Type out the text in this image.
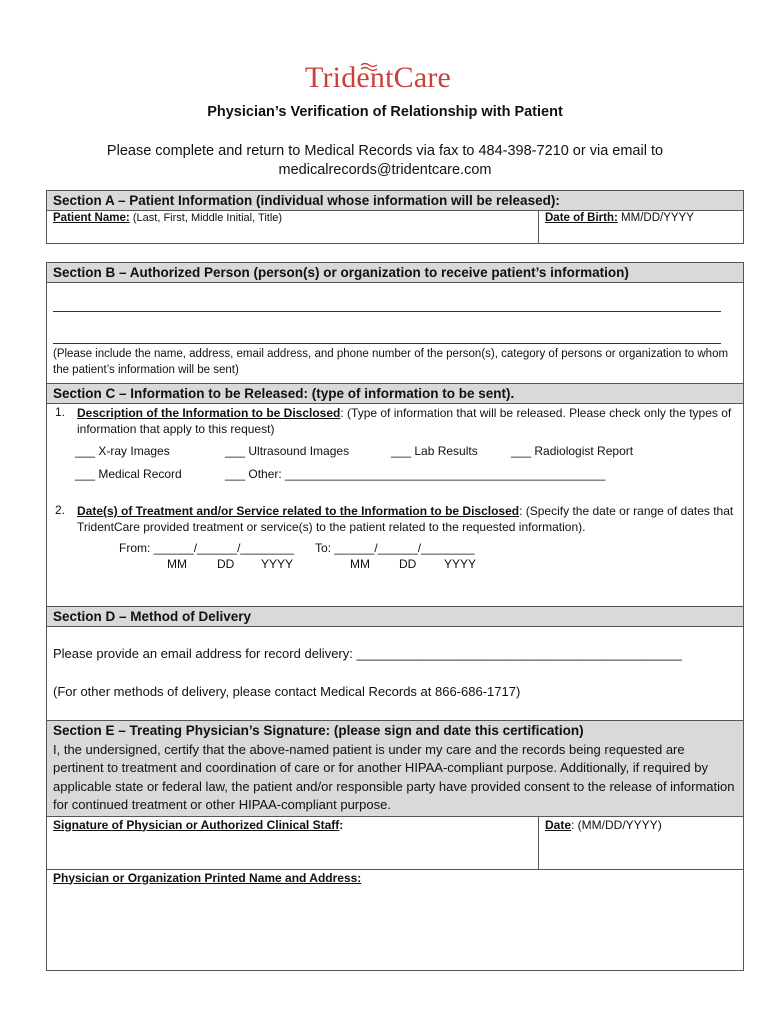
TridentCare
Physician’s Verification of Relationship with Patient
Please complete and return to Medical Records via fax to 484-398-7210 or via email to medicalrecords@tridentcare.com
Section A – Patient Information (individual whose information will be released):
Patient Name: (Last, First, Middle Initial, Title)	Date of Birth: MM/DD/YYYY
Section B – Authorized Person (person(s) or organization to receive patient’s information)
(Please include the name, address, email address, and phone number of the person(s), category of persons or organization to whom the patient’s information will be sent)
Section C – Information to be Released: (type of information to be sent).
1. Description of the Information to be Disclosed: (Type of information that will be released. Please check only the types of information that apply to this request)
___ X-ray Images	___ Ultrasound Images	___ Lab Results	___ Radiologist Report
___ Medical Record	___ Other: ________________________________________________
2. Date(s) of Treatment and/or Service related to the Information to be Disclosed: (Specify the date or range of dates that TridentCare provided treatment or service(s) to the patient related to the requested information).
From: ______/______/________ To: ______/______/________
MM	DD YYYY	MM DD YYYY
Section D – Method of Delivery
Please provide an email address for record delivery: _____________________________________________
(For other methods of delivery, please contact Medical Records at 866-686-1717)
Section E – Treating Physician’s Signature: (please sign and date this certification)
I, the undersigned, certify that the above-named patient is under my care and the records being requested are pertinent to treatment and coordination of care or for another HIPAA-compliant purpose. Additionally, if required by applicable state or federal law, the patient and/or responsible party have provided consent to the release of information for continued treatment or other HIPAA-compliant purpose.
Signature of Physician or Authorized Clinical Staff:	Date: (MM/DD/YYYY)
Physician or Organization Printed Name and Address:
